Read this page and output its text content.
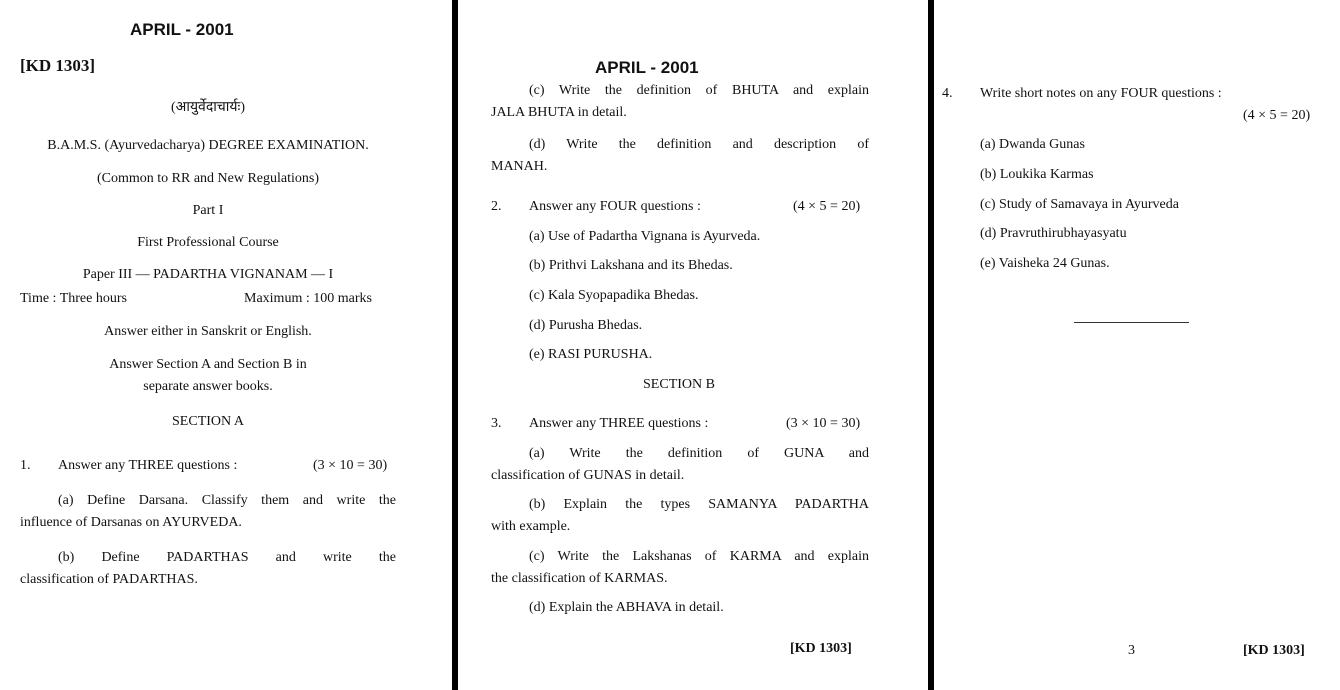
APRIL - 2001
[KD 1303]
(आयुर्वेदाचार्यः)
B.A.M.S. (Ayurvedacharya) DEGREE EXAMINATION.
(Common to RR and New Regulations)
Part I
First Professional Course
Paper III — PADARTHA VIGNANAM — I
Time : Three hours	Maximum : 100 marks
Answer either in Sanskrit or English.
Answer Section A and Section B in
separate answer books.
SECTION A
1. Answer any THREE questions :	(3 × 10 = 30)
(a) Define Darsana. Classify them and write the
influence of Darsanas on AYURVEDA.
(b) Define PADARTHAS and write the
classification of PADARTHAS.
APRIL - 2001
(c) Write the definition of BHUTA and explain
JALA BHUTA in detail.
(d) Write the definition and description of
MANAH.
2. Answer any FOUR questions :	(4 × 5 = 20)
(a) Use of Padartha Vignana is Ayurveda.
(b) Prithvi Lakshana and its Bhedas.
(c) Kala Syopapadika Bhedas.
(d) Purusha Bhedas.
(e) RASI PURUSHA.
SECTION B
3. Answer any THREE questions :	(3 × 10 = 30)
(a) Write the definition of GUNA and
classification of GUNAS in detail.
(b) Explain the types SAMANYA PADARTHA
with example.
(c) Write the Lakshanas of KARMA and explain
the classification of KARMAS.
(d) Explain the ABHAVA in detail.
[KD 1303]
4. Write short notes on any FOUR questions :
(4 × 5 = 20)
(a) Dwanda Gunas
(b) Loukika Karmas
(c) Study of Samavaya in Ayurveda
(d) Pravruthirubhayasyatu
(e) Vaisheka 24 Gunas.
3	[KD 1303]
